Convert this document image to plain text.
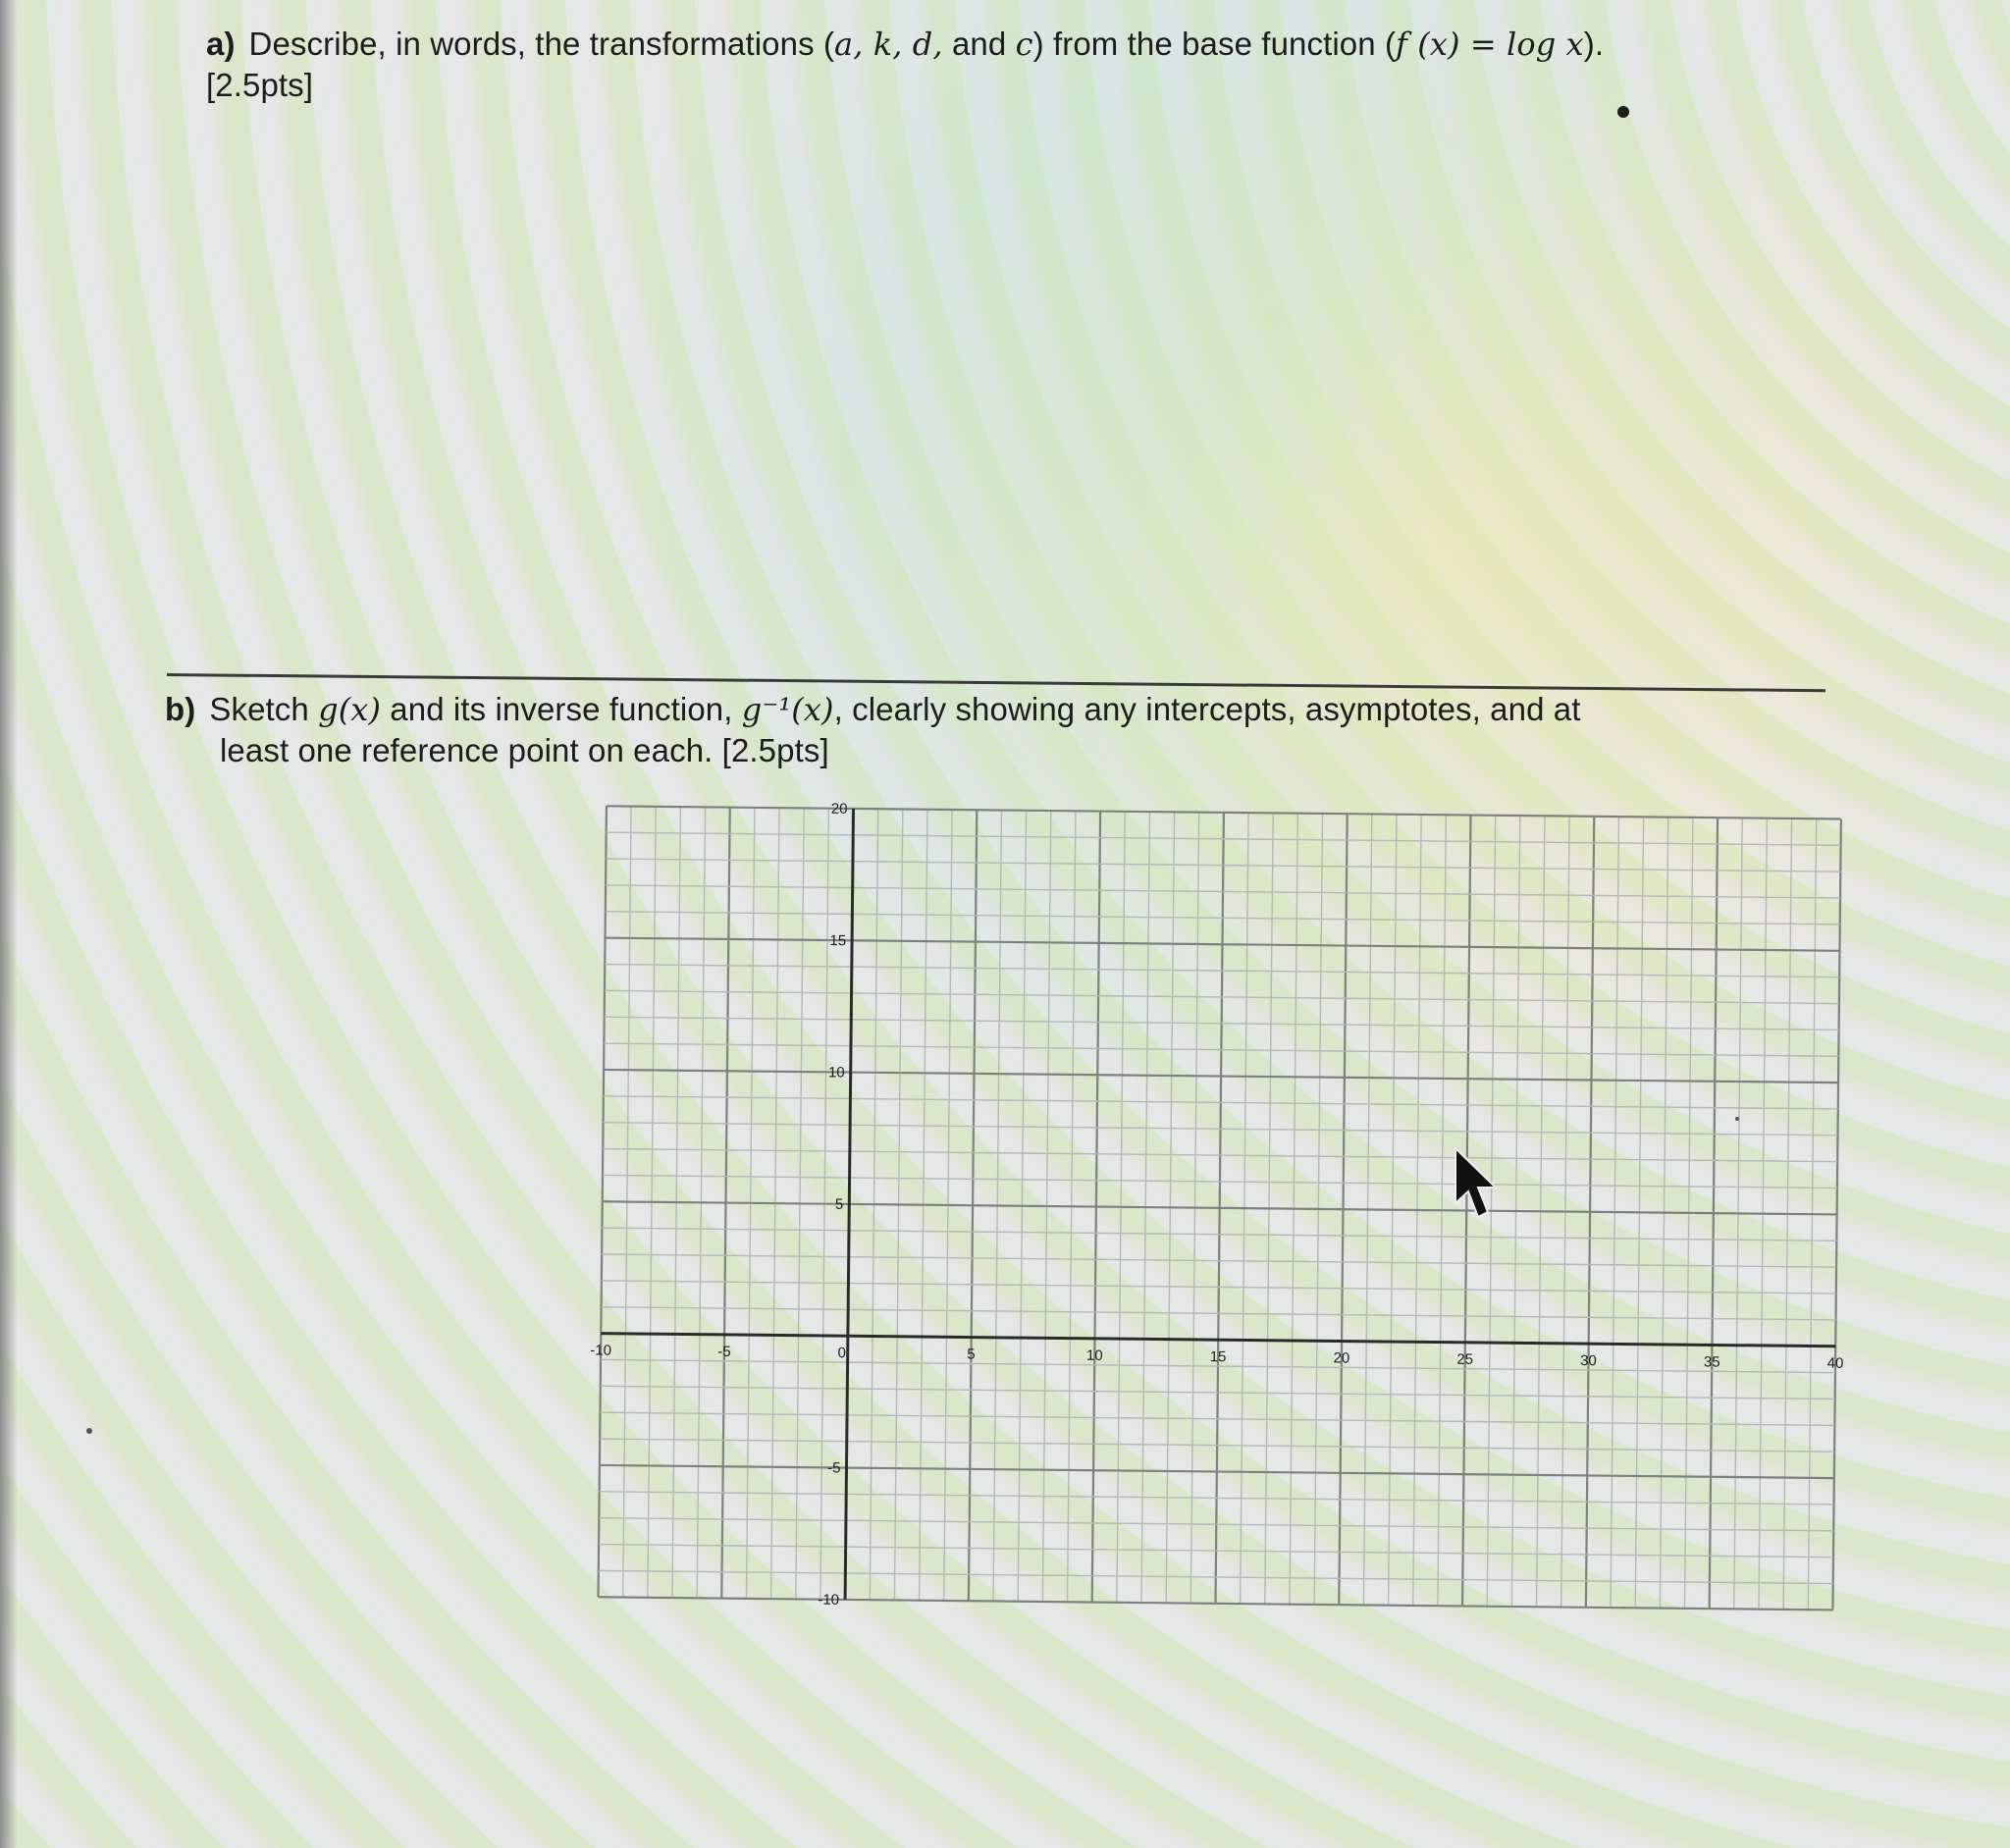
a) Describe, in words, the transformations (a, k, d, and c) from the base function (f (x) = log x).
[2.5pts]
b) Sketch g(x) and its inverse function, g⁻¹(x), clearly showing any intercepts, asymptotes, and at
least one reference point on each. [2.5pts]
-10	-5	0	5	10	15	20	25	30	35	40
20
15
10
5
-5
-10
